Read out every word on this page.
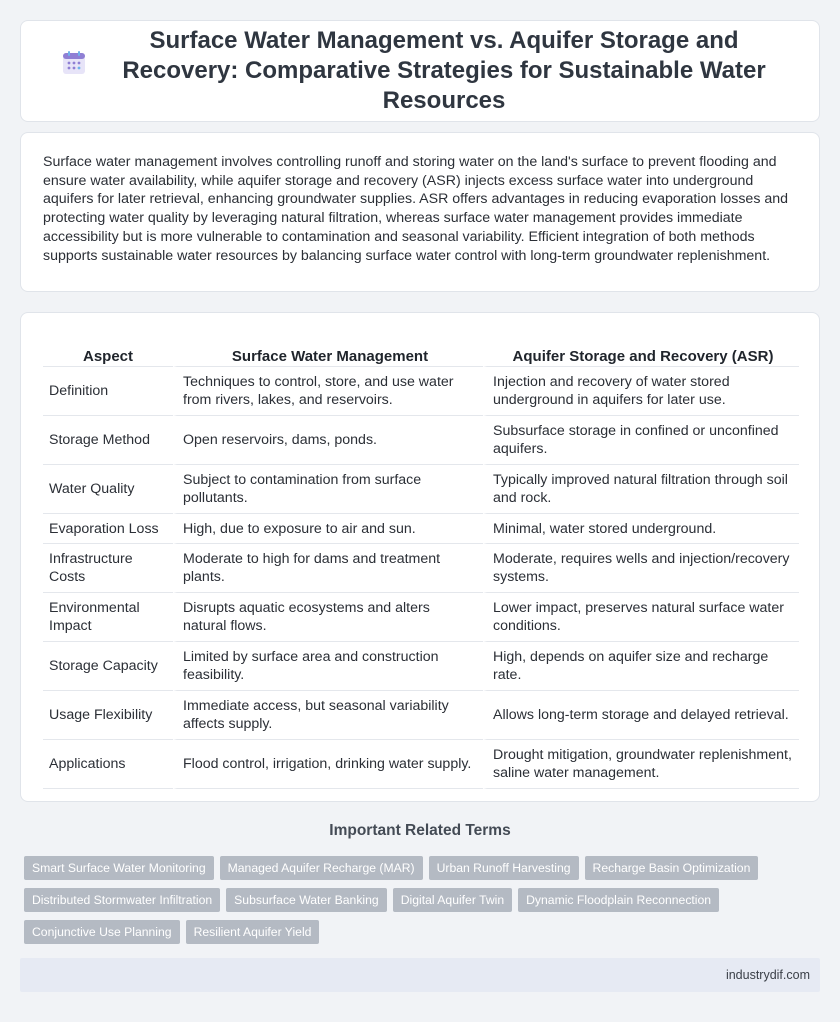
Surface Water Management vs. Aquifer Storage and Recovery: Comparative Strategies for Sustainable Water Resources

Surface water management involves controlling runoff and storing water on the land's surface to prevent flooding and ensure water availability, while aquifer storage and recovery (ASR) injects excess surface water into underground aquifers for later retrieval, enhancing groundwater supplies. ASR offers advantages in reducing evaporation losses and protecting water quality by leveraging natural filtration, whereas surface water management provides immediate accessibility but is more vulnerable to contamination and seasonal variability. Efficient integration of both methods supports sustainable water resources by balancing surface water control with long-term groundwater replenishment.

Aspect	Surface Water Management	Aquifer Storage and Recovery (ASR)
Definition	Techniques to control, store, and use water from rivers, lakes, and reservoirs.	Injection and recovery of water stored underground in aquifers for later use.
Storage Method	Open reservoirs, dams, ponds.	Subsurface storage in confined or unconfined aquifers.
Water Quality	Subject to contamination from surface pollutants.	Typically improved natural filtration through soil and rock.
Evaporation Loss	High, due to exposure to air and sun.	Minimal, water stored underground.
Infrastructure Costs	Moderate to high for dams and treatment plants.	Moderate, requires wells and injection/recovery systems.
Environmental Impact	Disrupts aquatic ecosystems and alters natural flows.	Lower impact, preserves natural surface water conditions.
Storage Capacity	Limited by surface area and construction feasibility.	High, depends on aquifer size and recharge rate.
Usage Flexibility	Immediate access, but seasonal variability affects supply.	Allows long-term storage and delayed retrieval.
Applications	Flood control, irrigation, drinking water supply.	Drought mitigation, groundwater replenishment, saline water management.
Important Related Terms
Smart Surface Water Monitoring	Managed Aquifer Recharge (MAR)	Urban Runoff Harvesting	Recharge Basin Optimization
Distributed Stormwater Infiltration	Subsurface Water Banking	Digital Aquifer Twin	Dynamic Floodplain Reconnection
Conjunctive Use Planning	Resilient Aquifer Yield
industrydif.com
